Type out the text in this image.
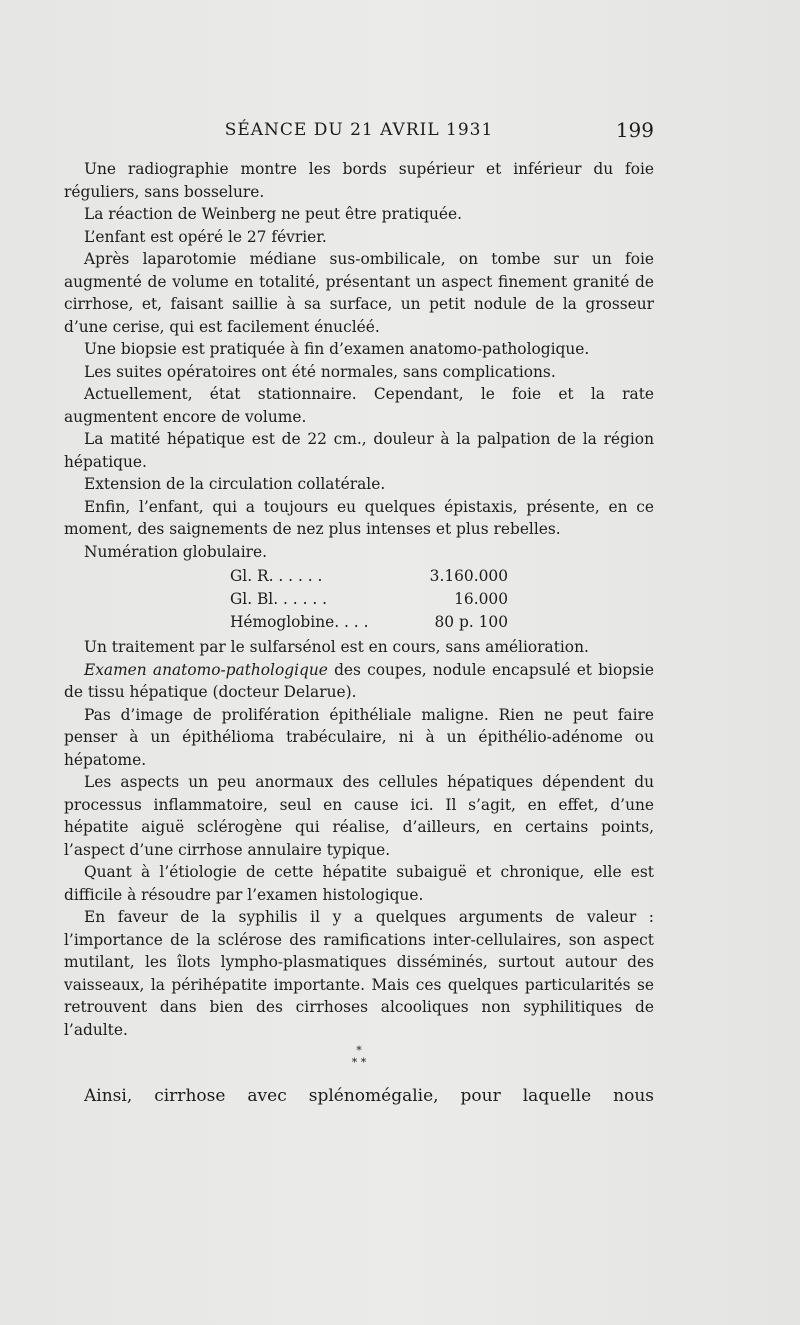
SÉANCE DU 21 AVRIL 1931	199

Une radiographie montre les bords supérieur et inférieur du foie réguliers, sans bosselure.

La réaction de Weinberg ne peut être pratiquée.

L’enfant est opéré le 27 février.

Après laparotomie médiane sus-ombilicale, on tombe sur un foie augmenté de volume en totalité, présentant un aspect finement granité de cirrhose, et, faisant saillie à sa surface, un petit nodule de la grosseur d’une cerise, qui est facilement énucléé.

Une biopsie est pratiquée à fin d’examen anatomo-pathologique.

Les suites opératoires ont été normales, sans complications.

Actuellement, état stationnaire. Cependant, le foie et la rate augmentent encore de volume.

La matité hépatique est de 22 cm., douleur à la palpation de la région hépatique.

Extension de la circulation collatérale.

Enfin, l’enfant, qui a toujours eu quelques épistaxis, présente, en ce moment, des saignements de nez plus intenses et plus rebelles.

Numération globulaire.

Gl. R. . . . . .	3.160.000
Gl. Bl. . . . . .	16.000
Hémoglobine. . . .	80 p. 100

Un traitement par le sulfarsénol est en cours, sans amélioration.

Examen anatomo-pathologique des coupes, nodule encapsulé et biopsie de tissu hépatique (docteur Delarue).

Pas d’image de prolifération épithéliale maligne. Rien ne peut faire penser à un épithélioma trabéculaire, ni à un épithélio-adénome ou hépatome.

Les aspects un peu anormaux des cellules hépatiques dépendent du processus inflammatoire, seul en cause ici. Il s’agit, en effet, d’une hépatite aiguë sclérogène qui réalise, d’ailleurs, en certains points, l’aspect d’une cirrhose annulaire typique.

Quant à l’étiologie de cette hépatite subaiguë et chronique, elle est difficile à résoudre par l’examen histologique.

En faveur de la syphilis il y a quelques arguments de valeur : l’importance de la sclérose des ramifications inter-cellulaires, son aspect mutilant, les îlots lympho-plasmatiques disséminés, surtout autour des vaisseaux, la périhépatite importante. Mais ces quelques particularités se retrouvent dans bien des cirrhoses alcooliques non syphilitiques de l’adulte.

*
* *

Ainsi, cirrhose avec splénomégalie, pour laquelle nous
